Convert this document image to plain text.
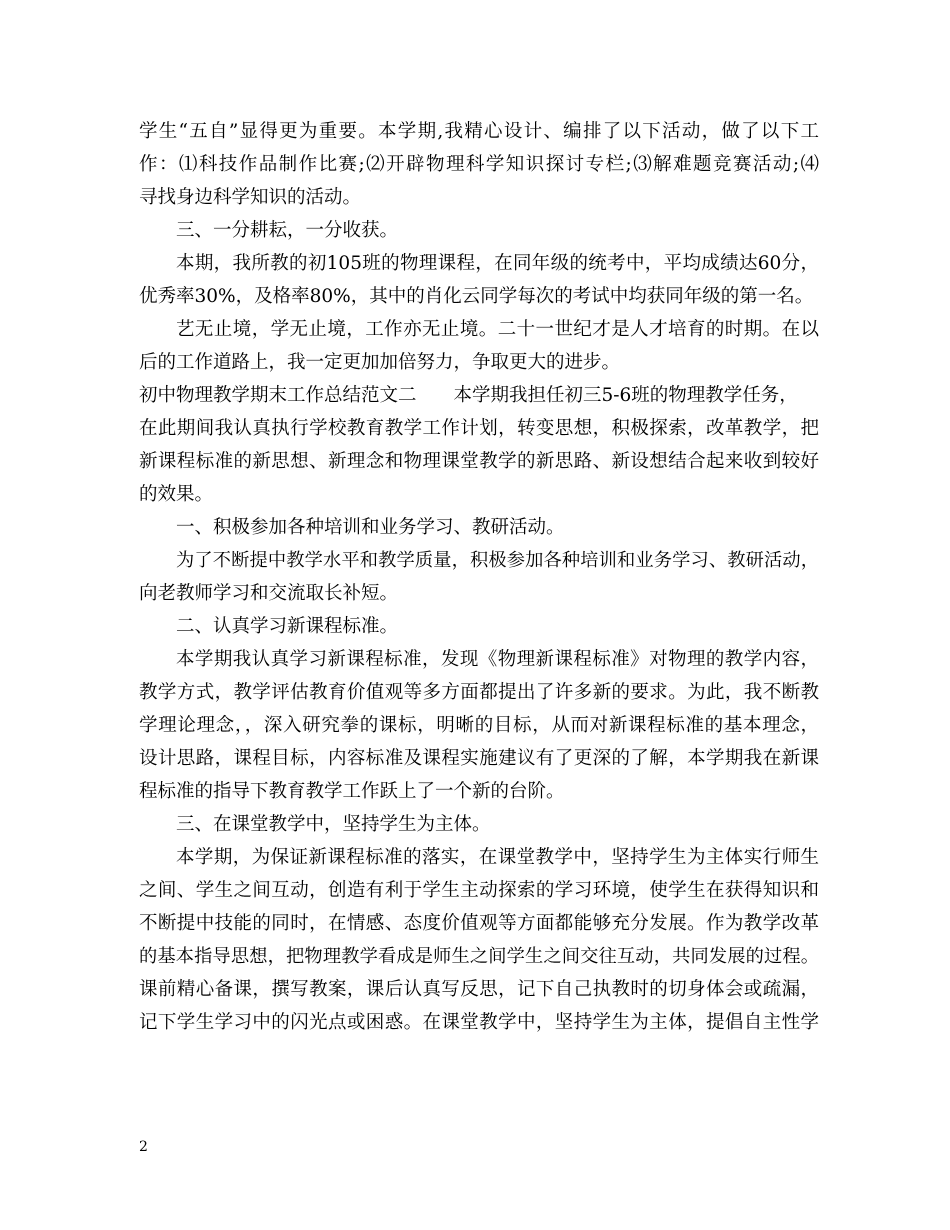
学生“五自”显得更为重要。本学期,我精心设计、编排了以下活动，做了以下工
作：⑴科技作品制作比赛;⑵开辟物理科学知识探讨专栏;⑶解难题竞赛活动;⑷
寻找身边科学知识的活动。
三、一分耕耘，一分收获。
本期，我所教的初105班的物理课程，在同年级的统考中，平均成绩达60分，
优秀率30%，及格率80%，其中的肖化云同学每次的考试中均获同年级的第一名。
艺无止境，学无止境，工作亦无止境。二十一世纪才是人才培育的时期。在以
后的工作道路上，我一定更加加倍努力，争取更大的进步。
初中物理教学期末工作总结范文二　　本学期我担任初三5-6班的物理教学任务，
在此期间我认真执行学校教育教学工作计划，转变思想，积极探索，改革教学，把
新课程标准的新思想、新理念和物理课堂教学的新思路、新设想结合起来收到较好
的效果。
一、积极参加各种培训和业务学习、教研活动。
为了不断提中教学水平和教学质量，积极参加各种培训和业务学习、教研活动，
向老教师学习和交流取长补短。
二、认真学习新课程标准。
本学期我认真学习新课程标准，发现《物理新课程标准》对物理的教学内容，
教学方式，教学评估教育价值观等多方面都提出了许多新的要求。为此，我不断教
学理论理念，，深入研究拳的课标，明晰的目标，从而对新课程标准的基本理念，
设计思路，课程目标，内容标准及课程实施建议有了更深的了解，本学期我在新课
程标准的指导下教育教学工作跃上了一个新的台阶。
三、在课堂教学中，坚持学生为主体。
本学期，为保证新课程标准的落实，在课堂教学中，坚持学生为主体实行师生
之间、学生之间互动，创造有利于学生主动探索的学习环境，使学生在获得知识和
不断提中技能的同时，在情感、态度价值观等方面都能够充分发展。作为教学改革
的基本指导思想，把物理教学看成是师生之间学生之间交往互动，共同发展的过程。
课前精心备课，撰写教案，课后认真写反思，记下自己执教时的切身体会或疏漏，
记下学生学习中的闪光点或困惑。在课堂教学中，坚持学生为主体，提倡自主性学
2
